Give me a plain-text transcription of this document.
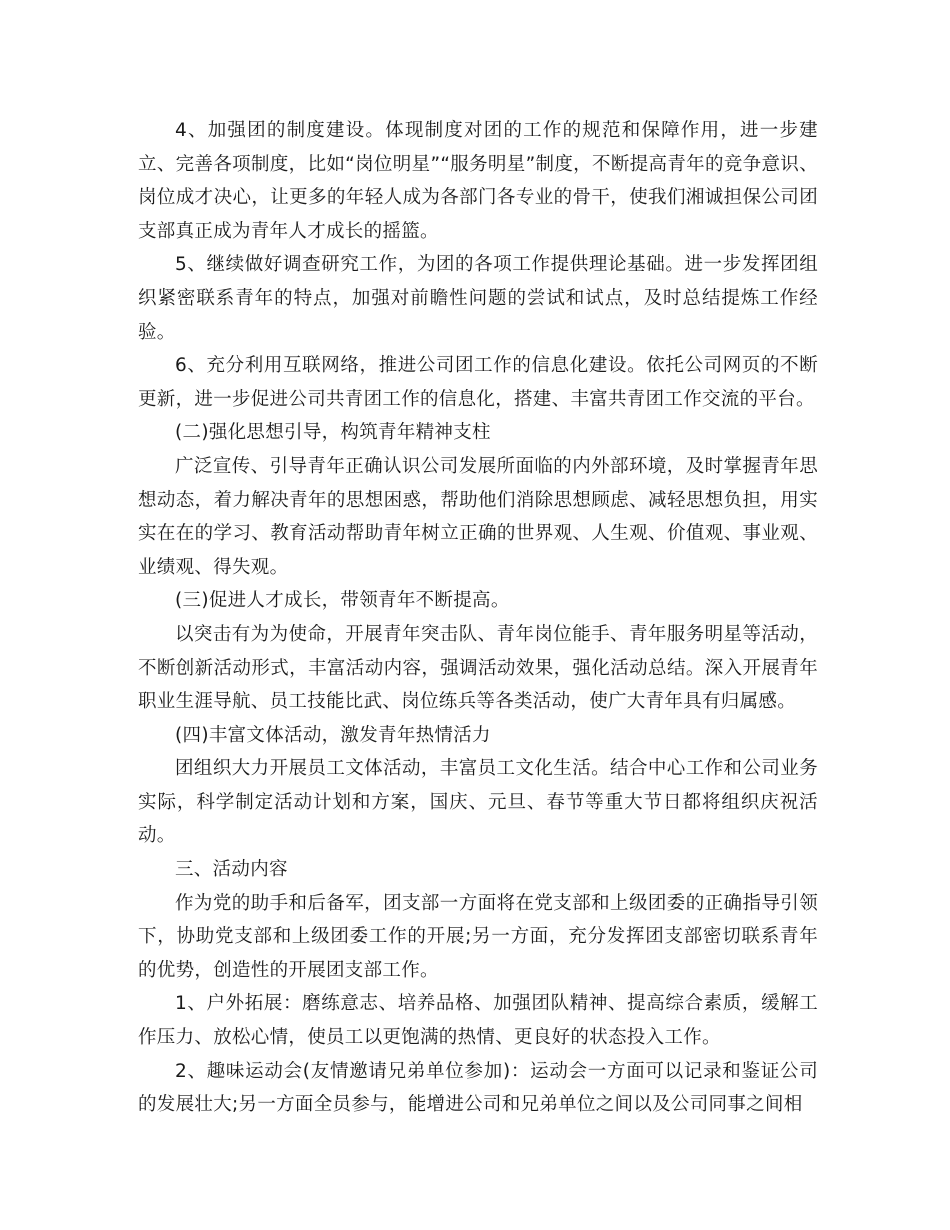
4、加强团的制度建设。体现制度对团的工作的规范和保障作用，进一步建立、完善各项制度，比如“岗位明星”“服务明星”制度，不断提高青年的竞争意识、岗位成才决心，让更多的年轻人成为各部门各专业的骨干，使我们湘诚担保公司团支部真正成为青年人才成长的摇篮。

5、继续做好调查研究工作，为团的各项工作提供理论基础。进一步发挥团组织紧密联系青年的特点，加强对前瞻性问题的尝试和试点，及时总结提炼工作经验。

6、充分利用互联网络，推进公司团工作的信息化建设。依托公司网页的不断更新，进一步促进公司共青团工作的信息化，搭建、丰富共青团工作交流的平台。

(二)强化思想引导，构筑青年精神支柱

广泛宣传、引导青年正确认识公司发展所面临的内外部环境，及时掌握青年思想动态，着力解决青年的思想困惑，帮助他们消除思想顾虑、减轻思想负担，用实实在在的学习、教育活动帮助青年树立正确的世界观、人生观、价值观、事业观、业绩观、得失观。

(三)促进人才成长，带领青年不断提高。

以突击有为为使命，开展青年突击队、青年岗位能手、青年服务明星等活动，不断创新活动形式，丰富活动内容，强调活动效果，强化活动总结。深入开展青年职业生涯导航、员工技能比武、岗位练兵等各类活动，使广大青年具有归属感。

(四)丰富文体活动，激发青年热情活力

团组织大力开展员工文体活动，丰富员工文化生活。结合中心工作和公司业务实际，科学制定活动计划和方案，国庆、元旦、春节等重大节日都将组织庆祝活动。

三、活动内容

作为党的助手和后备军，团支部一方面将在党支部和上级团委的正确指导引领下，协助党支部和上级团委工作的开展;另一方面，充分发挥团支部密切联系青年的优势，创造性的开展团支部工作。

1、户外拓展：磨练意志、培养品格、加强团队精神、提高综合素质，缓解工作压力、放松心情，使员工以更饱满的热情、更良好的状态投入工作。

2、趣味运动会(友情邀请兄弟单位参加)：运动会一方面可以记录和鉴证公司的发展壮大;另一方面全员参与，能增进公司和兄弟单位之间以及公司同事之间相
